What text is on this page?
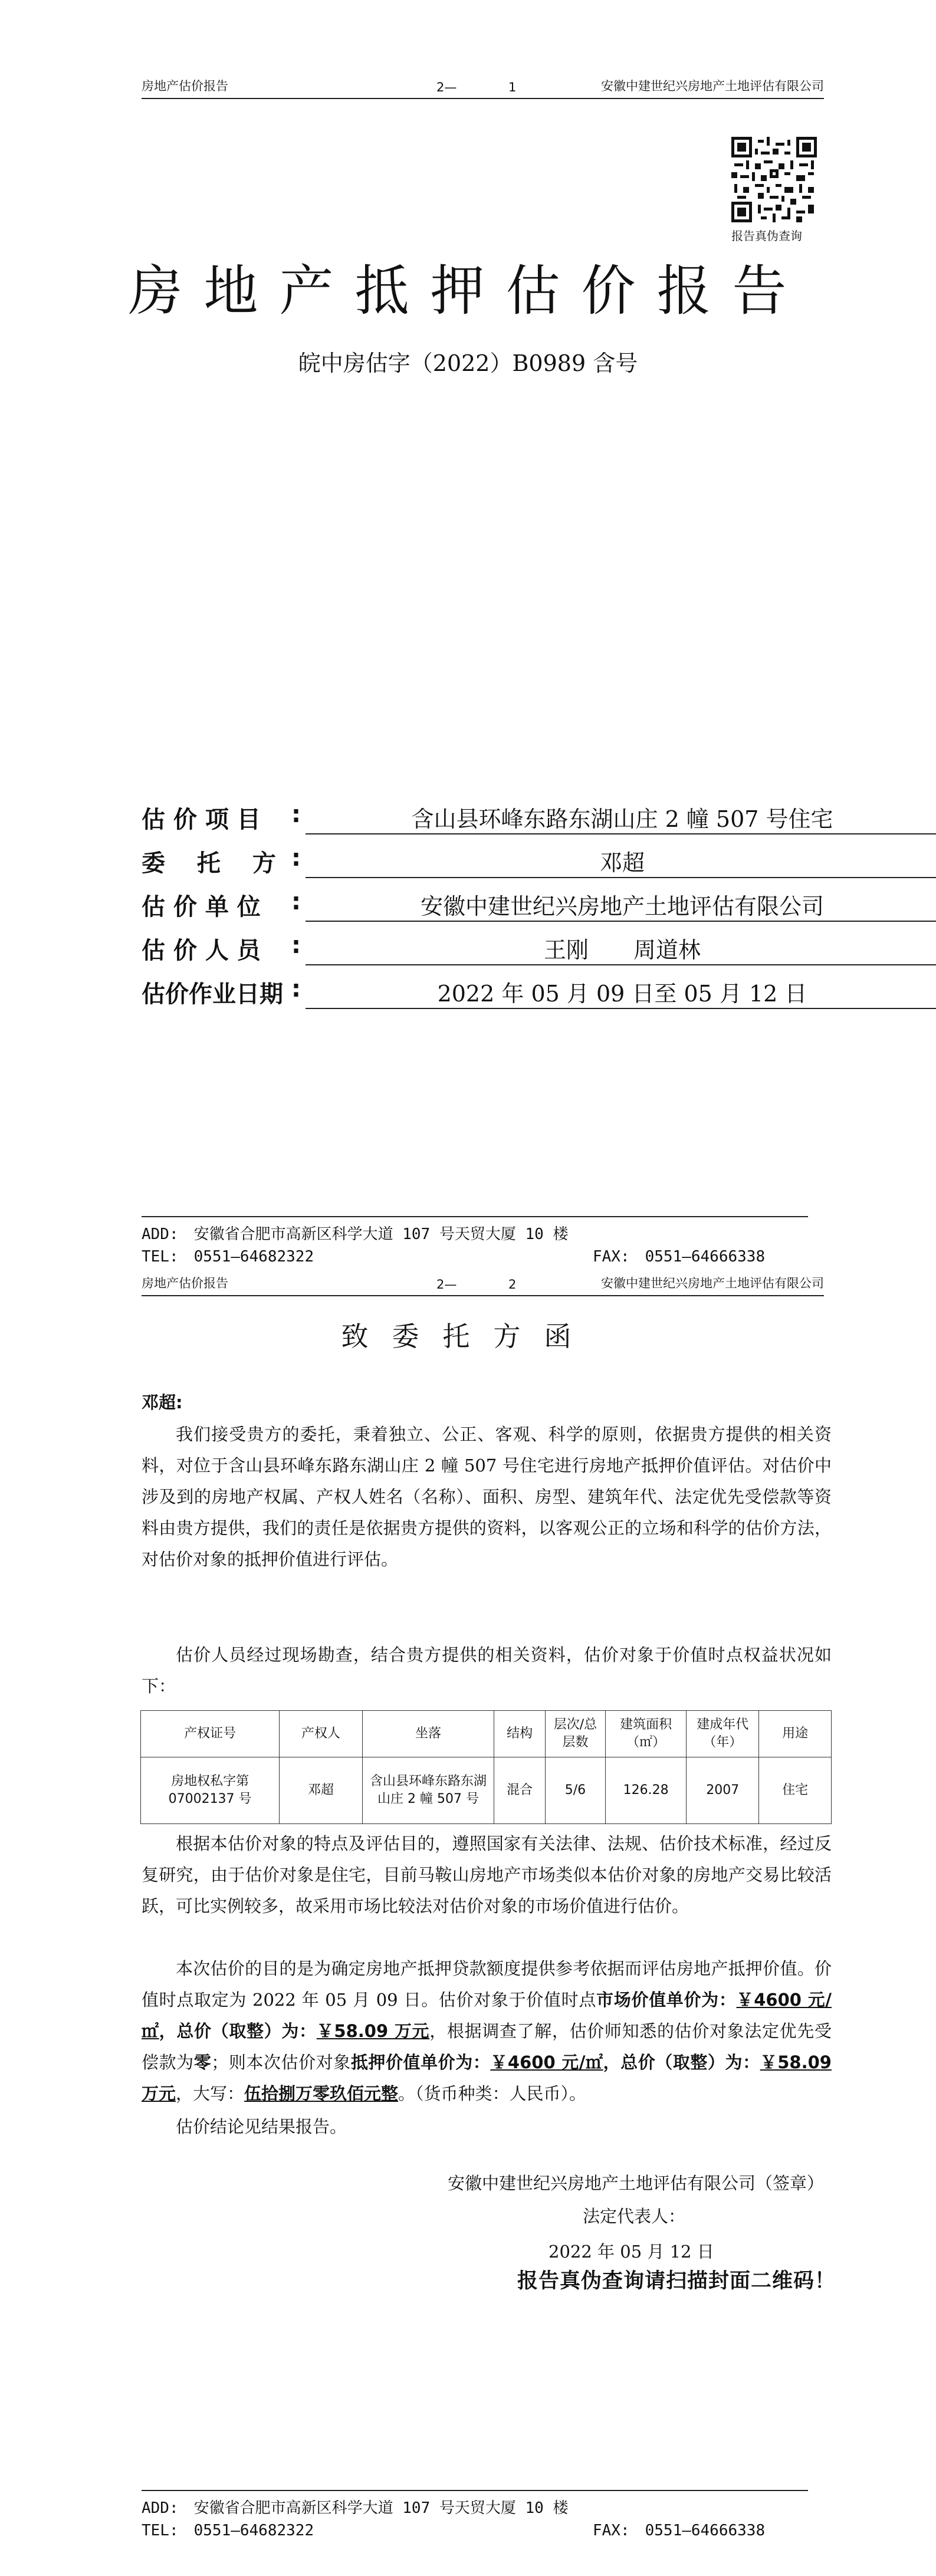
房地产估价报告	2—	1	安徽中建世纪兴房地产土地评估有限公司
报告真伪查询
房地产抵押估价报告
皖中房估字（2022）B0989 含号
估 价 项 目	:	含山县环峰东路东湖山庄 2 幢 507 号住宅
委　 托 　方 :	邓超
估 价 单 位	:	安徽中建世纪兴房地产土地评估有限公司
估 价 人 员	:	王刚　　周道林
估价作业日期 :	2022 年 05 月 09 日至 05 月 12 日
ADD:　安徽省合肥市高新区科学大道 107 号天贸大厦 10 楼
TEL:　0551—64682322	FAX:　0551—64666338
房地产估价报告	2—	2	安徽中建世纪兴房地产土地评估有限公司
致委托方函
邓超:
我们接受贵方的委托，秉着独立、公正、客观、科学的原则，依据贵方提供的相关资料，对位于含山县环峰东路东湖山庄 2 幢 507 号住宅进行房地产抵押价值评估。对估价中涉及到的房地产权属、产权人姓名（名称）、面积、房型、建筑年代、法定优先受偿款等资料由贵方提供，我们的责任是依据贵方提供的资料，以客观公正的立场和科学的估价方法，对估价对象的抵押价值进行评估。
估价人员经过现场勘查，结合贵方提供的相关资料，估价对象于价值时点权益状况如下：
产权证号	产权人	坐落	结构	层次/总层数	建筑面积（㎡）	建成年代（年）	用途
房地权私字第 07002137 号	邓超	含山县环峰东路东湖山庄 2 幢 507 号	混合	5/6	126.28	2007	住宅
根据本估价对象的特点及评估目的，遵照国家有关法律、法规、估价技术标准，经过反复研究，由于估价对象是住宅，目前马鞍山房地产市场类似本估价对象的房地产交易比较活跃，可比实例较多，故采用市场比较法对估价对象的市场价值进行估价。
本次估价的目的是为确定房地产抵押贷款额度提供参考依据而评估房地产抵押价值。价值时点取定为 2022 年 05 月 09 日。估价对象于价值时点市场价值单价为：￥4600 元/㎡，总价（取整）为：￥58.09 万元，根据调查了解，估价师知悉的估价对象法定优先受偿款为零；则本次估价对象抵押价值单价为：￥4600 元/㎡，总价（取整）为：￥58.09 万元，大写：伍拾捌万零玖佰元整。（货币种类：人民币）。
估价结论见结果报告。
安徽中建世纪兴房地产土地评估有限公司（签章）
法定代表人：
2022 年 05 月 12 日
报告真伪查询请扫描封面二维码！
ADD:　安徽省合肥市高新区科学大道 107 号天贸大厦 10 楼
TEL:　0551—64682322	FAX:　0551—64666338
